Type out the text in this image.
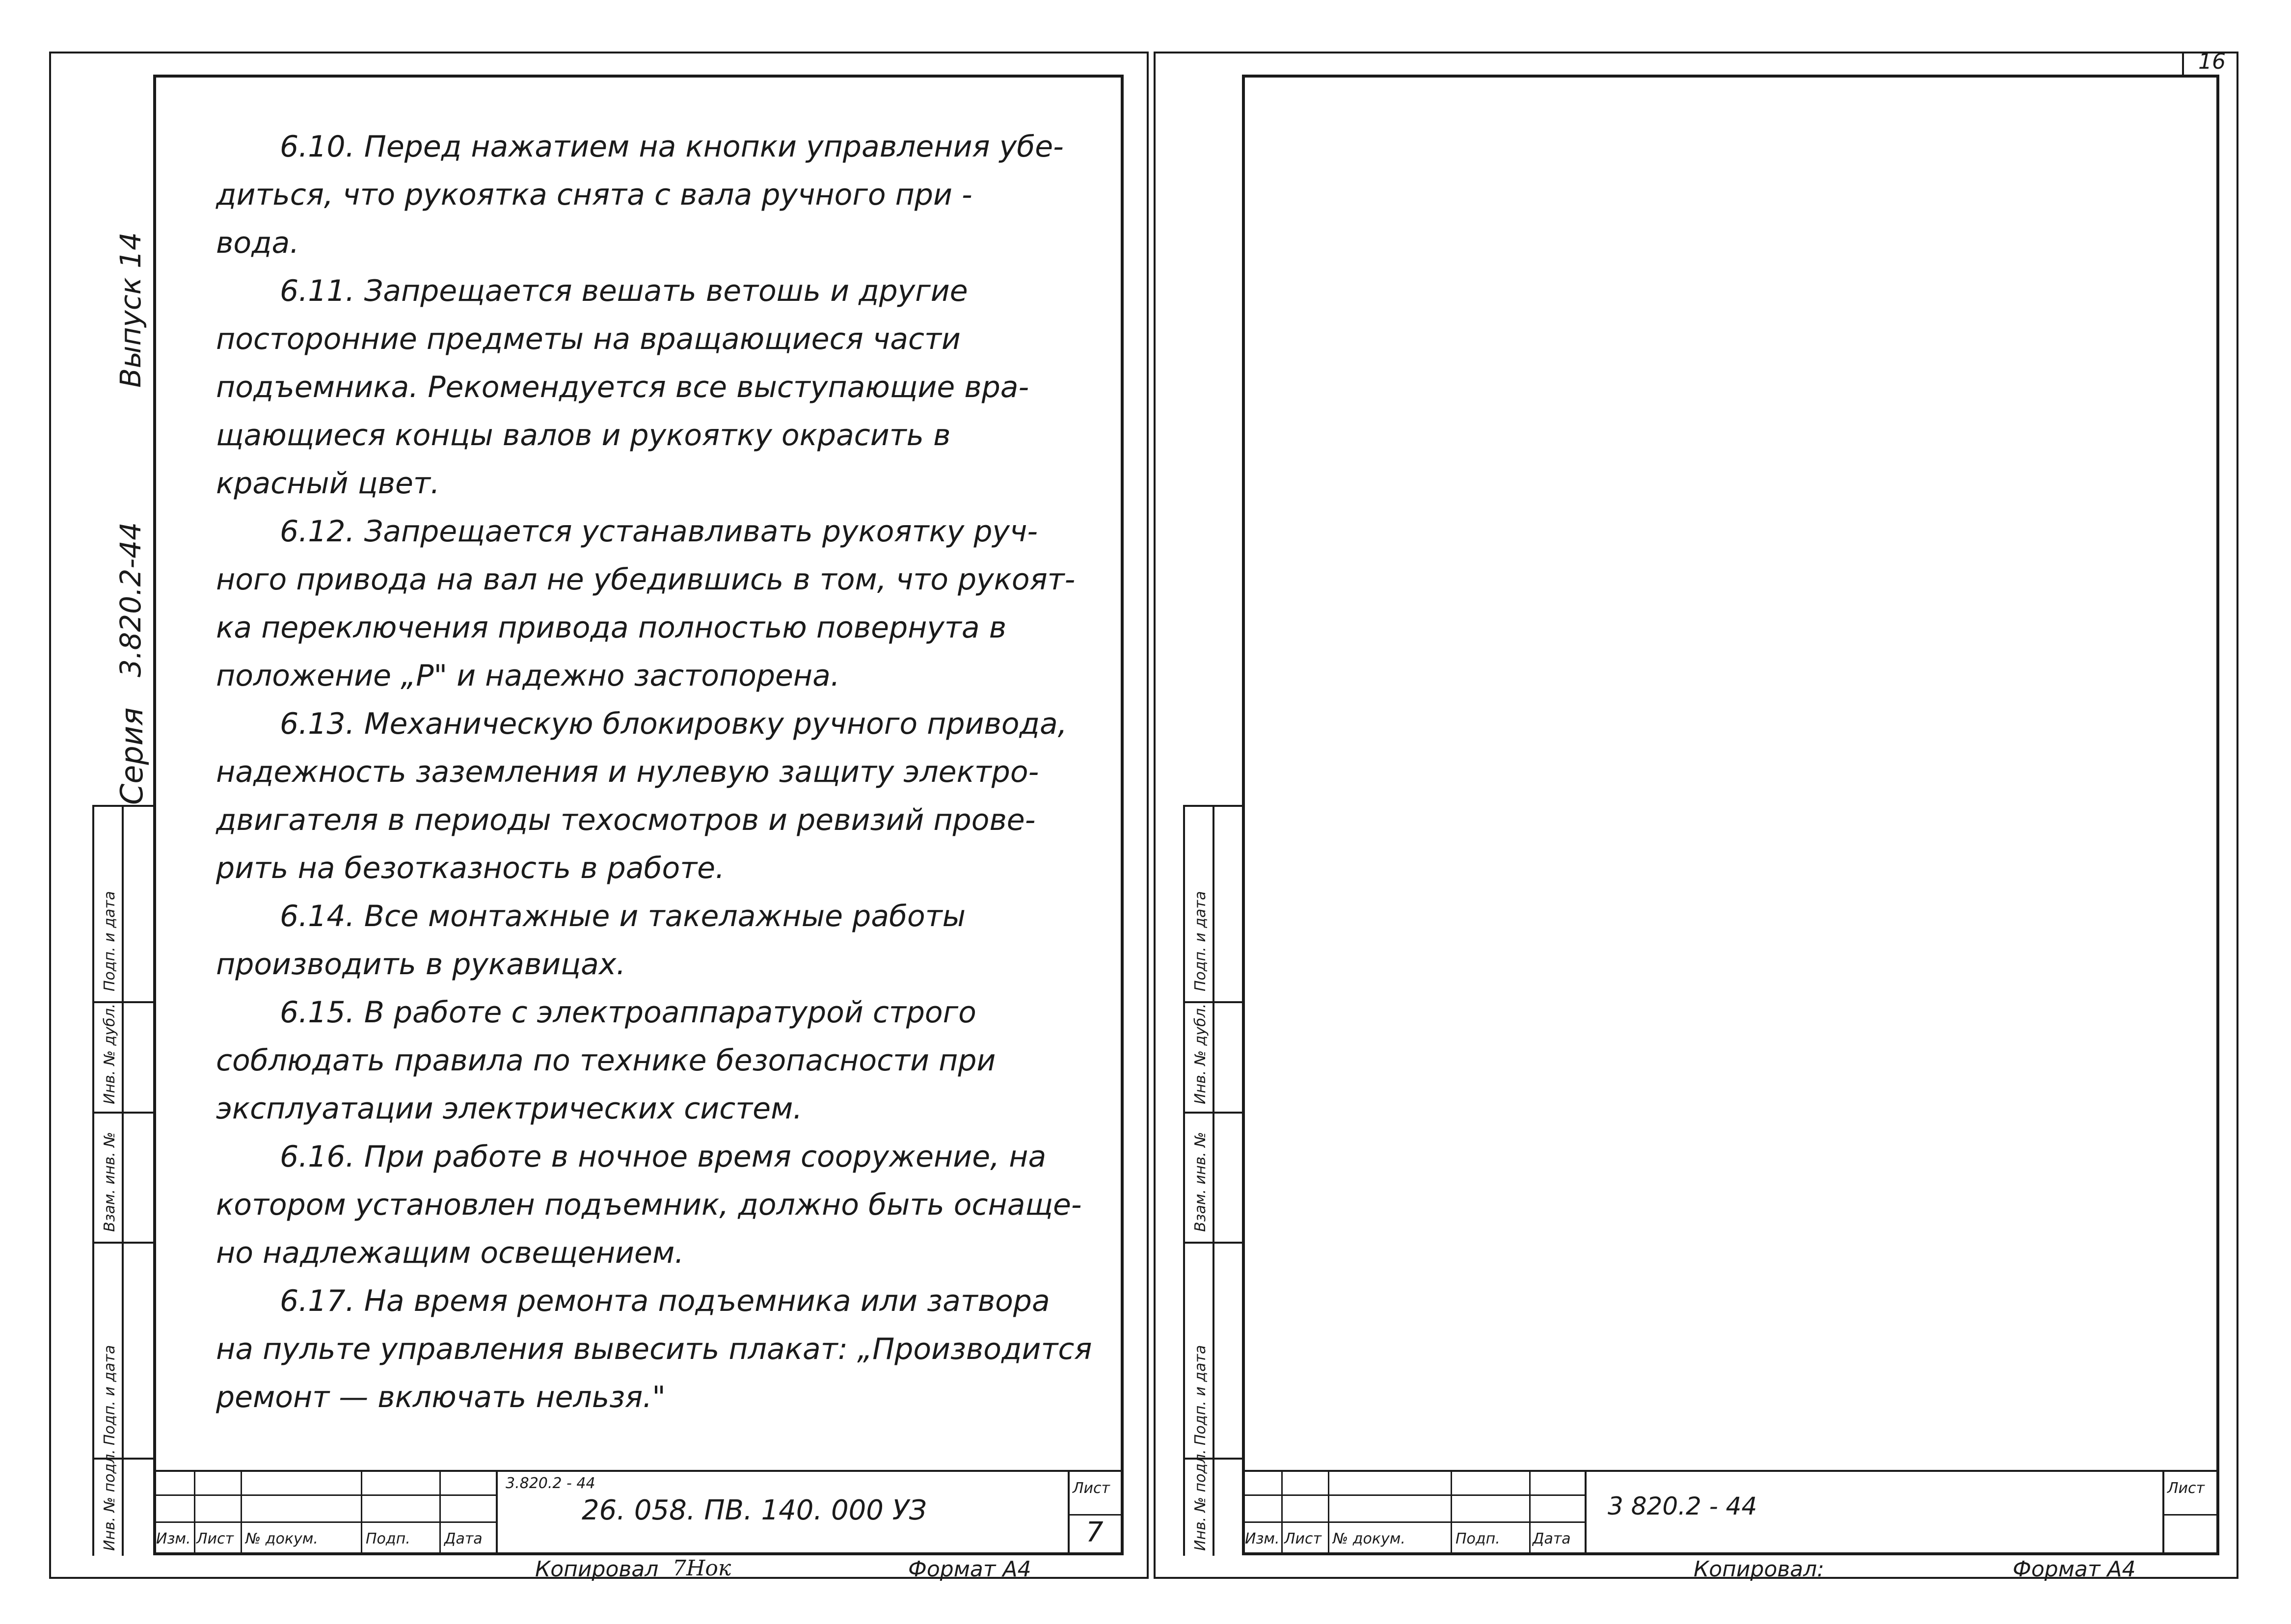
Серия
3.820.2-44
Выпуск 14
Инв. № подл.
Подп. и дата
Взам. инв. №
Инв. № дубл.
Подп. и дата

6.10. Перед нажатием на кнопки управления убе-

диться, что рукоятка снята с вала ручного при -

вода.

6.11. Запрещается вешать ветошь и другие

посторонние предметы на вращающиеся части

подъемника. Рекомендуется все выступающие вра-

щающиеся концы валов и рукоятку окрасить в

красный цвет.

6.12. Запрещается устанавливать рукоятку руч-

ного привода на вал не убедившись в том, что рукоят-

ка переключения привода полностью повернута в

положение „Р" и надежно застопорена.

6.13. Механическую блокировку ручного привода,

надежность заземления и нулевую защиту электро-

двигателя в периоды техосмотров и ревизий прове-

рить на безотказность в работе.

6.14. Все монтажные и такелажные работы

производить в рукавицах.

6.15. В работе с электроаппаратурой строго

соблюдать правила по технике безопасности при

эксплуатации электрических систем.

6.16. При работе в ночное время сооружение, на

котором установлен подъемник, должно быть оснаще-

но надлежащим освещением.

6.17. На время ремонта подъемника или затвора

на пульте управления вывесить плакат: „Производится

ремонт — включать нельзя."

Изм. Лист № докум.	Подп. Дата
3.820.2 - 44
26. 058. ПВ. 140. 000 УЗ
Лист
7
Копировал 7Нок	Формат А4
16
Инв. № подл.
Подп. и дата
Взам. инв. №
Инв. № дубл.
Подп. и дата
Изм. Лист № докум.	Подп. Дата
3 820.2 - 44
Лист
Копировал:	Формат А4
